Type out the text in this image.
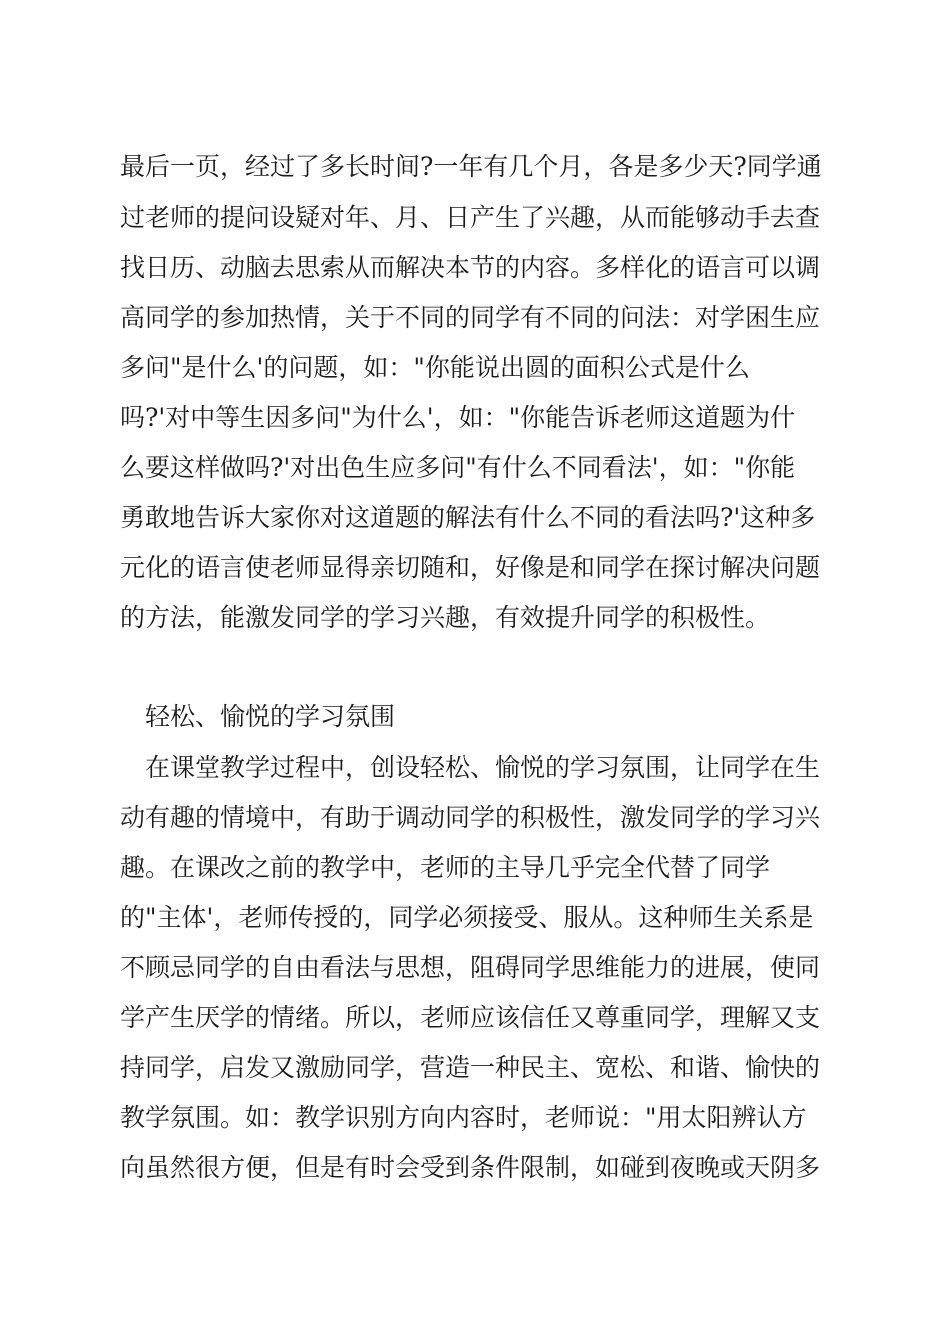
最后一页，经过了多长时间?一年有几个月，各是多少天?同学通
过老师的提问设疑对年、月、日产生了兴趣，从而能够动手去查
找日历、动脑去思索从而解决本节的内容。多样化的语言可以调
高同学的参加热情，关于不同的同学有不同的问法：对学困生应
多问"是什么'的问题，如："你能说出圆的面积公式是什么
吗?'对中等生因多问"为什么'，如："你能告诉老师这道题为什
么要这样做吗?'对出色生应多问"有什么不同看法'，如："你能
勇敢地告诉大家你对这道题的解法有什么不同的看法吗?'这种多
元化的语言使老师显得亲切随和，好像是和同学在探讨解决问题
的方法，能激发同学的学习兴趣，有效提升同学的积极性。
轻松、愉悦的学习氛围
在课堂教学过程中，创设轻松、愉悦的学习氛围，让同学在生
动有趣的情境中，有助于调动同学的积极性，激发同学的学习兴
趣。在课改之前的教学中，老师的主导几乎完全代替了同学
的"主体'，老师传授的，同学必须接受、服从。这种师生关系是
不顾忌同学的自由看法与思想，阻碍同学思维能力的进展，使同
学产生厌学的情绪。所以，老师应该信任又尊重同学，理解又支
持同学，启发又激励同学，营造一种民主、宽松、和谐、愉快的
教学氛围。如：教学识别方向内容时，老师说："用太阳辨认方
向虽然很方便，但是有时会受到条件限制，如碰到夜晚或天阴多
